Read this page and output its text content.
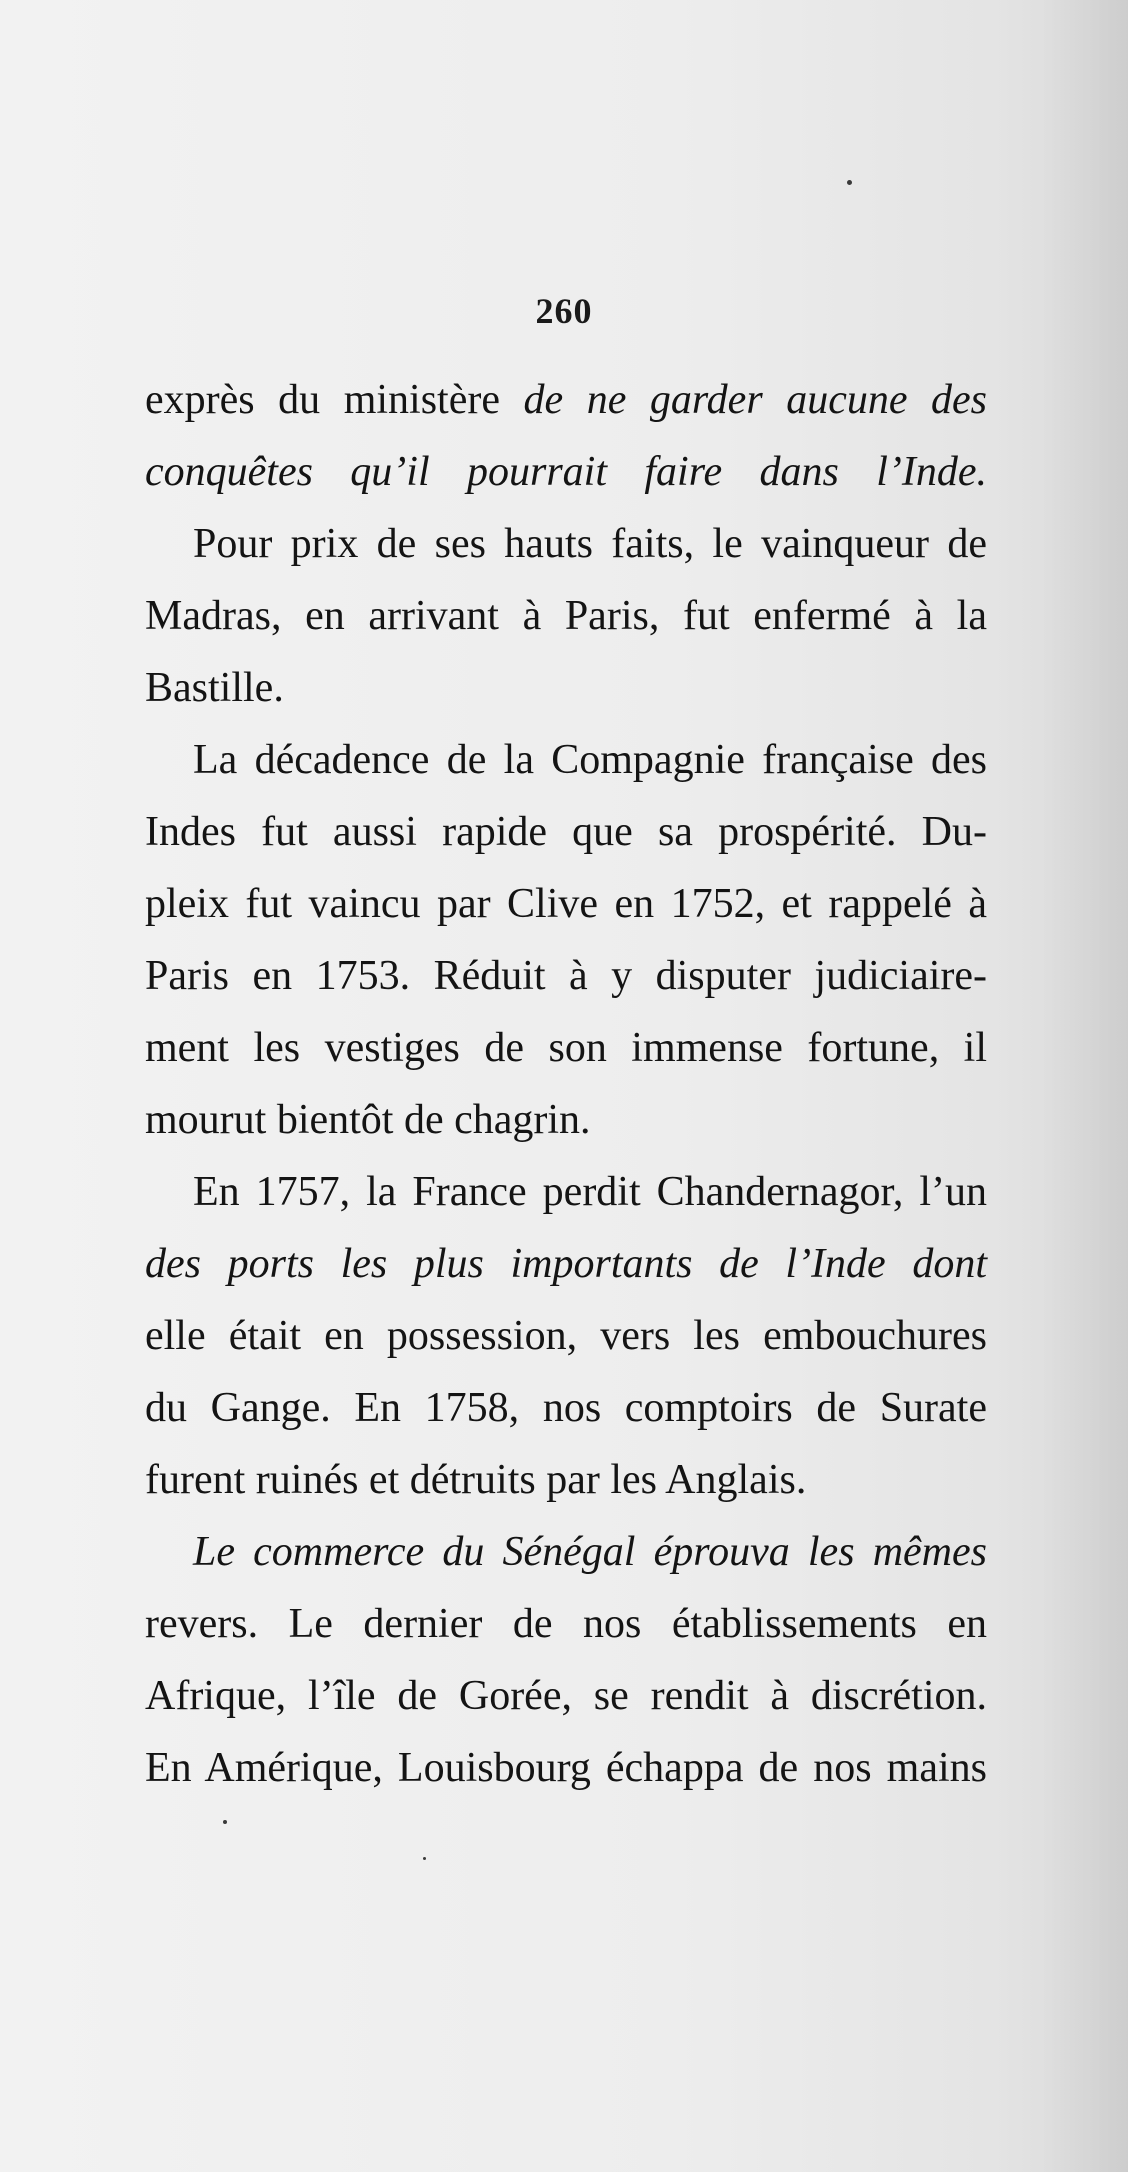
260
exprès du ministère de ne garder aucune des
conquêtes qu’il pourrait faire dans l’Inde.
Pour prix de ses hauts faits, le vainqueur de
Madras, en arrivant à Paris, fut enfermé à la
Bastille.
La décadence de la Compagnie française des
Indes fut aussi rapide que sa prospérité. Du-
pleix fut vaincu par Clive en 1752, et rappelé à
Paris en 1753. Réduit à y disputer judiciaire-
ment les vestiges de son immense fortune, il
mourut bientôt de chagrin.
En 1757, la France perdit Chandernagor, l’un
des ports les plus importants de l’Inde dont
elle était en possession, vers les embouchures
du Gange. En 1758, nos comptoirs de Surate
furent ruinés et détruits par les Anglais.
Le commerce du Sénégal éprouva les mêmes
revers. Le dernier de nos établissements en
Afrique, l’île de Gorée, se rendit à discrétion.
En Amérique, Louisbourg échappa de nos mains
